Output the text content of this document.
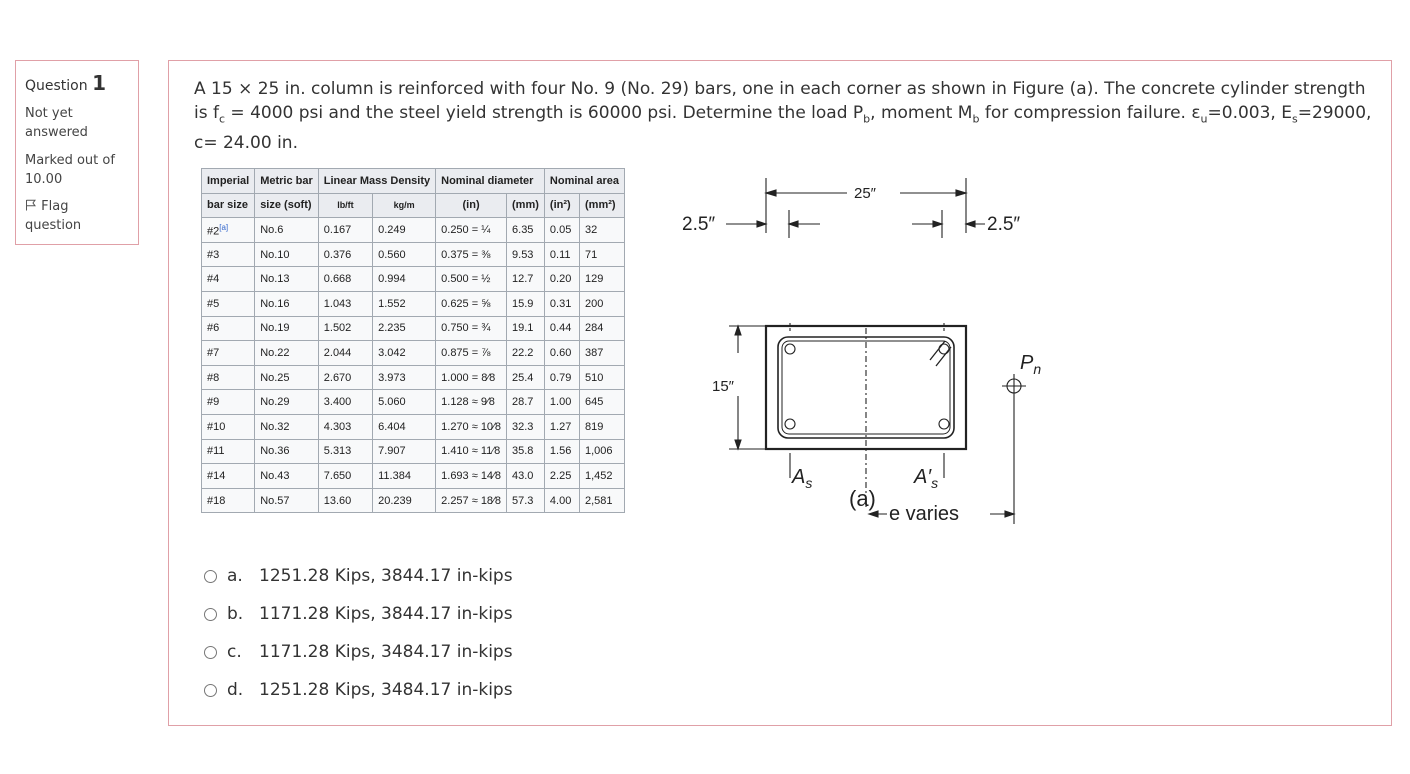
Question 1
Not yet
answered
Marked out of
10.00
Flag
question
A 15 × 25 in. column is reinforced with four No. 9 (No. 29) bars, one in each corner as shown in Figure (a). The concrete cylinder strength is $f_c = 4000$ psi and the steel yield strength is 60000 psi. Determine the load $P_b$, moment $M_b$ for compression failure. $\varepsilon_u=0.003$, $E_s=29000$, c= 24.00 in.
Imperial	Metric bar	Linear Mass Density		Nominal diameter		Nominal area	
bar size	size (soft)	lb/ft	kg/m	(in)	(mm)	(in²)	(mm²)
#2[a]	No.6	0.167	0.249	0.250 = ¼	6.35	0.05	32
#3	No.10	0.376	0.560	0.375 = ⅜	9.53	0.11	71
#4	No.13	0.668	0.994	0.500 = ½	12.7	0.20	129
#5	No.16	1.043	1.552	0.625 = ⅝	15.9	0.31	200
#6	No.19	1.502	2.235	0.750 = ¾	19.1	0.44	284
#7	No.22	2.044	3.042	0.875 = ⅞	22.2	0.60	387
#8	No.25	2.670	3.973	1.000 = 8⁄8	25.4	0.79	510
#9	No.29	3.400	5.060	1.128 ≈ 9⁄8	28.7	1.00	645
#10	No.32	4.303	6.404	1.270 ≈ 10⁄8	32.3	1.27	819
#11	No.36	5.313	7.907	1.410 ≈ 11⁄8	35.8	1.56	1,006
#14	No.43	7.650	11.384	1.693 ≈ 14⁄8	43.0	2.25	1,452
#18	No.57	13.60	20.239	2.257 ≈ 18⁄8	57.3	4.00	2,581
25″
2.5″	2.5″
15″
$P_n$
$A_s$	$A'_s$
e varies
(a)
a. 1251.28 Kips, 3844.17 in-kips
b. 1171.28 Kips, 3844.17 in-kips
c.	1171.28 Kips, 3484.17 in-kips
d. 1251.28 Kips, 3484.17 in-kips
